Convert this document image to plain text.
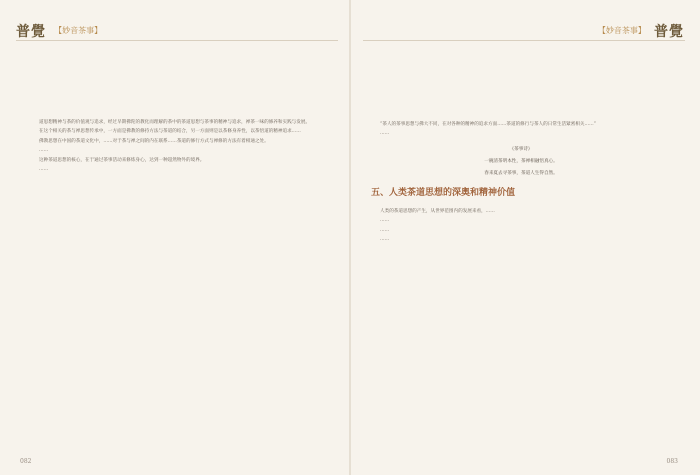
普覺 【妙音茶事】

道思想精神与茶的价值观与追求，经过早期佛陀的教化而理解的茶中的茶道思想与茶事的精神与追求，禅茶一味的修养和实践与发展。

在这个相关的茶与禅思想传承中，一方面是佛教的修持方法与茶道的结合，另一方面则是以茶修身养性，以茶悟道的精神追求……

佛教思想在中国的茶道文化中，……对于茶与禅之间的内在联系……茶道的修行方式与禅修的方法有着相通之处。

……

这种茶道思想的核心，在于通过茶事活动来修炼身心，达到一种超然物外的境界。

……

082
【妙音茶事】 普覺

“茶人的茶事思想与佛大不同，在对各种的精神的追求方面……茶道的修行与茶人的日常生活紧密相关……”

……

《茶事诗》
一碗清茶明本性，茶禅相融悟真心。
春来夏去寻茶事，茶道人生得自然。
五、人类茶道思想的深奥和精神价值

人类的茶道思想的产生，从世界范围内的发展来看，……

……

……

……

083
